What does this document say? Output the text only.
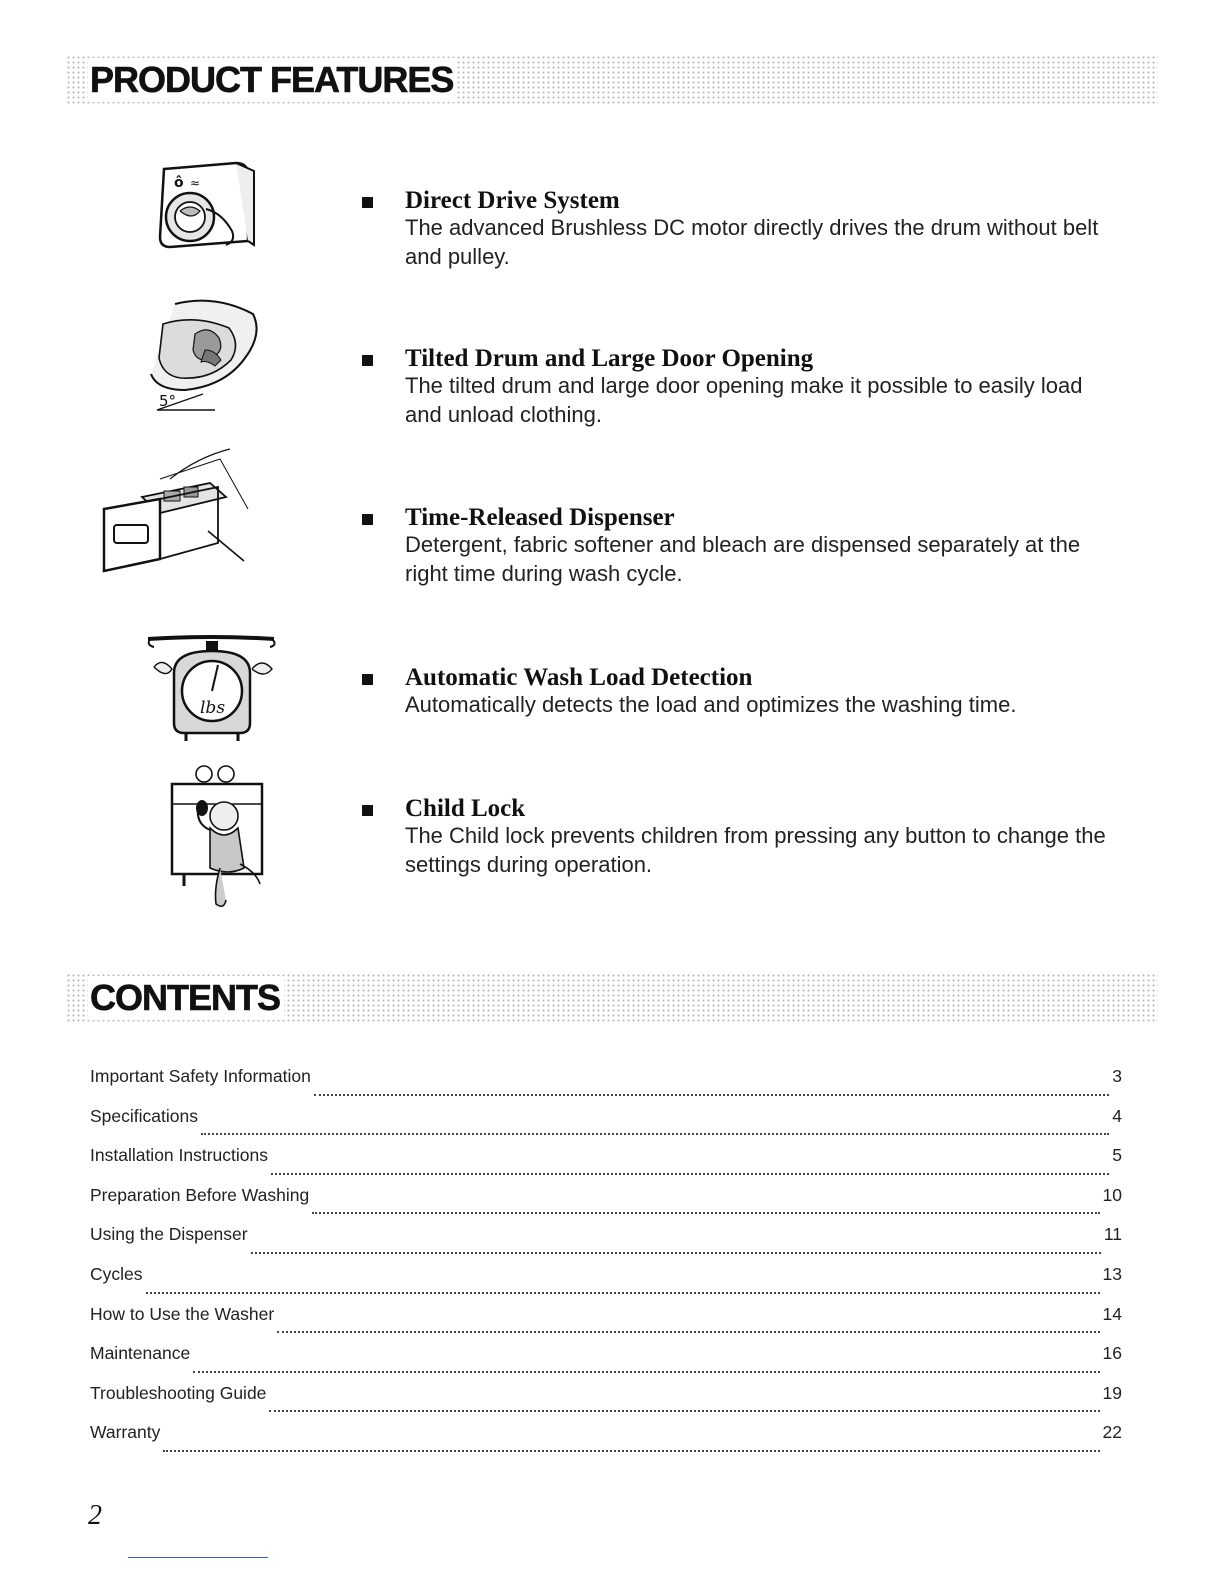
PRODUCT FEATURES
ô ≈
Direct Drive System
The advanced Brushless DC motor directly drives the drum without belt and pulley.
5°
Tilted Drum and Large Door Opening
The tilted drum and large door opening make it possible to easily load and unload clothing.
Time-Released Dispenser
Detergent, fabric softener and bleach are dispensed separately at the right time during wash cycle.
lbs
Automatic Wash Load Detection
Automatically detects the load and optimizes the washing time.
Child Lock
The Child lock prevents children from pressing any button to change the settings during operation.
CONTENTS
Important Safety Information	3
Specifications	4
Installation Instructions	5
Preparation Before Washing	10
Using the Dispenser	11
Cycles	13
How to Use the Washer	14
Maintenance	16
Troubleshooting Guide	19
Warranty	22
2
